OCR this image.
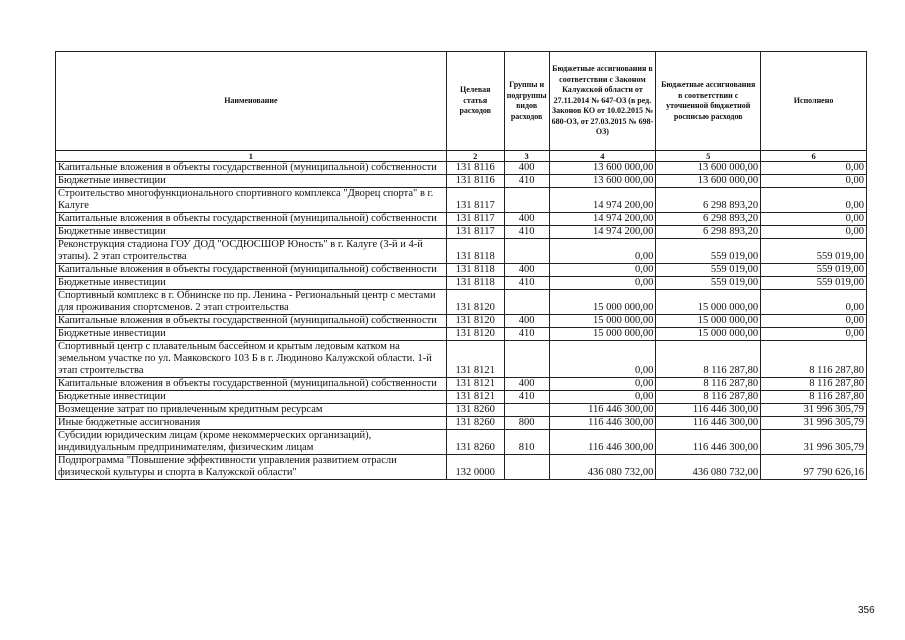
Наименование	Целевая статья расходов	Группы и подгруппы видов расходов	Бюджетные ассигнования в соответствии с Законом Калужской области от 27.11.2014 № 647-ОЗ (в ред. Законов КО от 10.02.2015 № 680-ОЗ, от 27.03.2015 № 698-ОЗ)	Бюджетные ассигнования в соответствии с уточненной бюджетной росписью расходов	Исполнено
1	2	3	4	5	6
Капитальные вложения в объекты государственной (муниципальной) собственности	131 8116	400	13 600 000,00	13 600 000,00	0,00
Бюджетные инвестиции	131 8116	410	13 600 000,00	13 600 000,00	0,00
Строительство многофункционального спортивного комплекса "Дворец спорта" в г. Калуге	131 8117		14 974 200,00	6 298 893,20	0,00
Капитальные вложения в объекты государственной (муниципальной) собственности	131 8117	400	14 974 200,00	6 298 893,20	0,00
Бюджетные инвестиции	131 8117	410	14 974 200,00	6 298 893,20	0,00
Реконструкция стадиона ГОУ ДОД "ОСДЮСШОР Юность" в г. Калуге (3-й и 4-й этапы). 2 этап строительства	131 8118		0,00	559 019,00	559 019,00
Капитальные вложения в объекты государственной (муниципальной) собственности	131 8118	400	0,00	559 019,00	559 019,00
Бюджетные инвестиции	131 8118	410	0,00	559 019,00	559 019,00
Спортивный комплекс в г. Обнинске по пр. Ленина - Региональный центр с местами для проживания спортсменов. 2 этап строительства	131 8120		15 000 000,00	15 000 000,00	0,00
Капитальные вложения в объекты государственной (муниципальной) собственности	131 8120	400	15 000 000,00	15 000 000,00	0,00
Бюджетные инвестиции	131 8120	410	15 000 000,00	15 000 000,00	0,00
Спортивный центр с плавательным бассейном и крытым ледовым катком на земельном участке по ул. Маяковского 103 Б в г. Людиново Калужской области. 1-й этап строительства	131 8121		0,00	8 116 287,80	8 116 287,80
Капитальные вложения в объекты государственной (муниципальной) собственности	131 8121	400	0,00	8 116 287,80	8 116 287,80
Бюджетные инвестиции	131 8121	410	0,00	8 116 287,80	8 116 287,80
Возмещение затрат по привлеченным кредитным ресурсам	131 8260		116 446 300,00	116 446 300,00	31 996 305,79
Иные бюджетные ассигнования	131 8260	800	116 446 300,00	116 446 300,00	31 996 305,79
Субсидии юридическим лицам (кроме некоммерческих организаций), индивидуальным предпринимателям, физическим лицам	131 8260	810	116 446 300,00	116 446 300,00	31 996 305,79
Подпрограмма "Повышение эффективности управления развитием отрасли физической культуры и спорта в Калужской области"	132 0000		436 080 732,00	436 080 732,00	97 790 626,16
356
